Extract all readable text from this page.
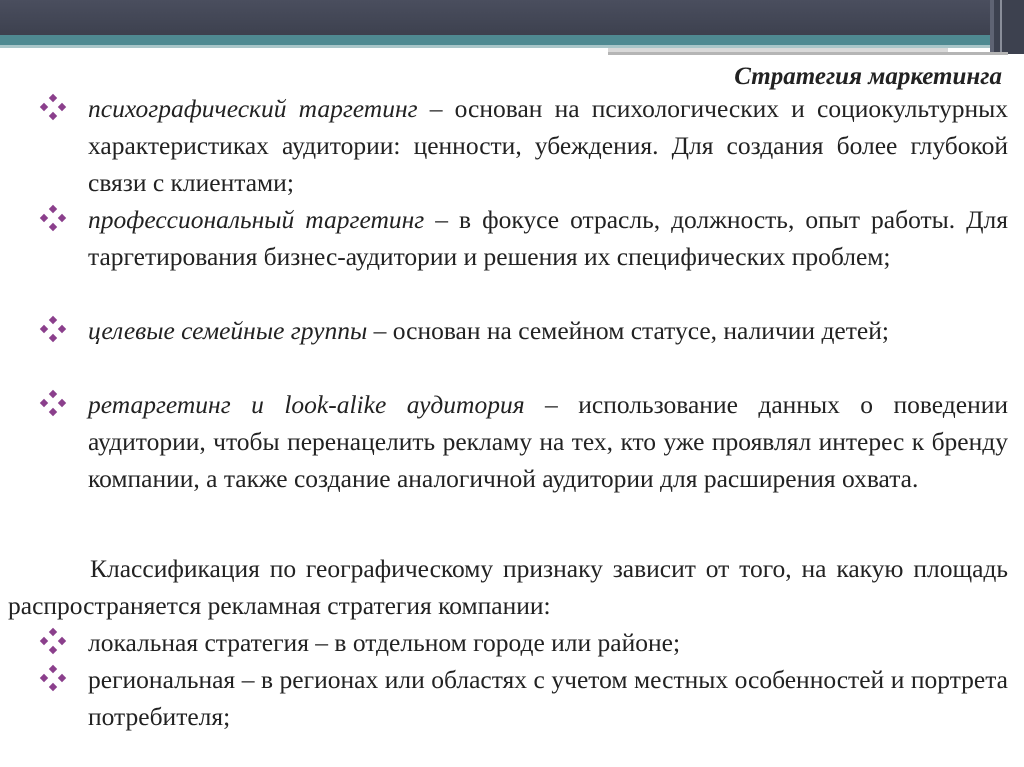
Стратегия маркетинга
психографический таргетинг – основан на психологических и социокультурных характеристиках аудитории: ценности, убеждения. Для создания более глубокой связи с клиентами;
профессиональный таргетинг – в фокусе отрасль, должность, опыт работы. Для таргетирования бизнес-аудитории и решения их специфических проблем;
целевые семейные группы – основан на семейном статусе, наличии детей;
ретаргетинг и look-alike аудитория – использование данных о поведении аудитории, чтобы перенацелить рекламу на тех, кто уже проявлял интерес к бренду компании, а также создание аналогичной аудитории для расширения охвата.
Классификация по географическому признаку зависит от того, на какую площадь распространяется рекламная стратегия компании:
локальная стратегия – в отдельном городе или районе;
региональная – в регионах или областях с учетом местных особенностей и портрета потребителя;
